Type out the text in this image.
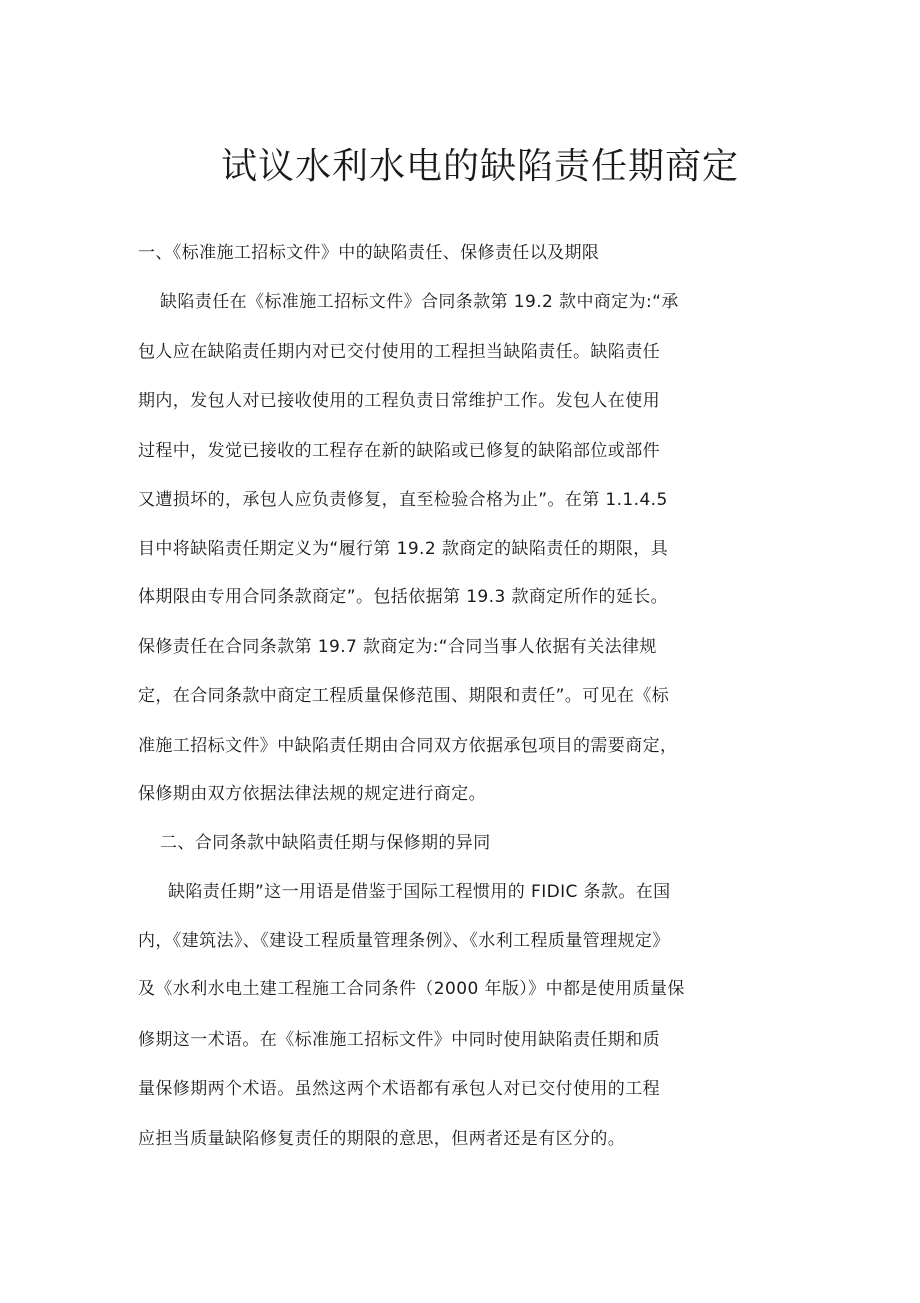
试议水利水电的缺陷责任期商定
一、《标准施工招标文件》中的缺陷责任、保修责任以及期限
缺陷责任在《标准施工招标文件》合同条款第 19.2 款中商定为:“承
包人应在缺陷责任期内对已交付使用的工程担当缺陷责任。缺陷责任
期内，发包人对已接收使用的工程负责日常维护工作。发包人在使用
过程中，发觉已接收的工程存在新的缺陷或已修复的缺陷部位或部件
又遭损坏的，承包人应负责修复，直至检验合格为止”。在第 1.1.4.5
目中将缺陷责任期定义为“履行第 19.2 款商定的缺陷责任的期限，具
体期限由专用合同条款商定”。包括依据第 19.3 款商定所作的延长。
保修责任在合同条款第 19.7 款商定为:“合同当事人依据有关法律规
定，在合同条款中商定工程质量保修范围、期限和责任”。可见在《标
准施工招标文件》中缺陷责任期由合同双方依据承包项目的需要商定，
保修期由双方依据法律法规的规定进行商定。
二、合同条款中缺陷责任期与保修期的异同
缺陷责任期”这一用语是借鉴于国际工程惯用的 FIDIC 条款。在国
内，《建筑法》、《建设工程质量管理条例》、《水利工程质量管理规定》
及《水利水电土建工程施工合同条件（2000 年版）》中都是使用质量保
修期这一术语。在《标准施工招标文件》中同时使用缺陷责任期和质
量保修期两个术语。虽然这两个术语都有承包人对已交付使用的工程
应担当质量缺陷修复责任的期限的意思，但两者还是有区分的。
